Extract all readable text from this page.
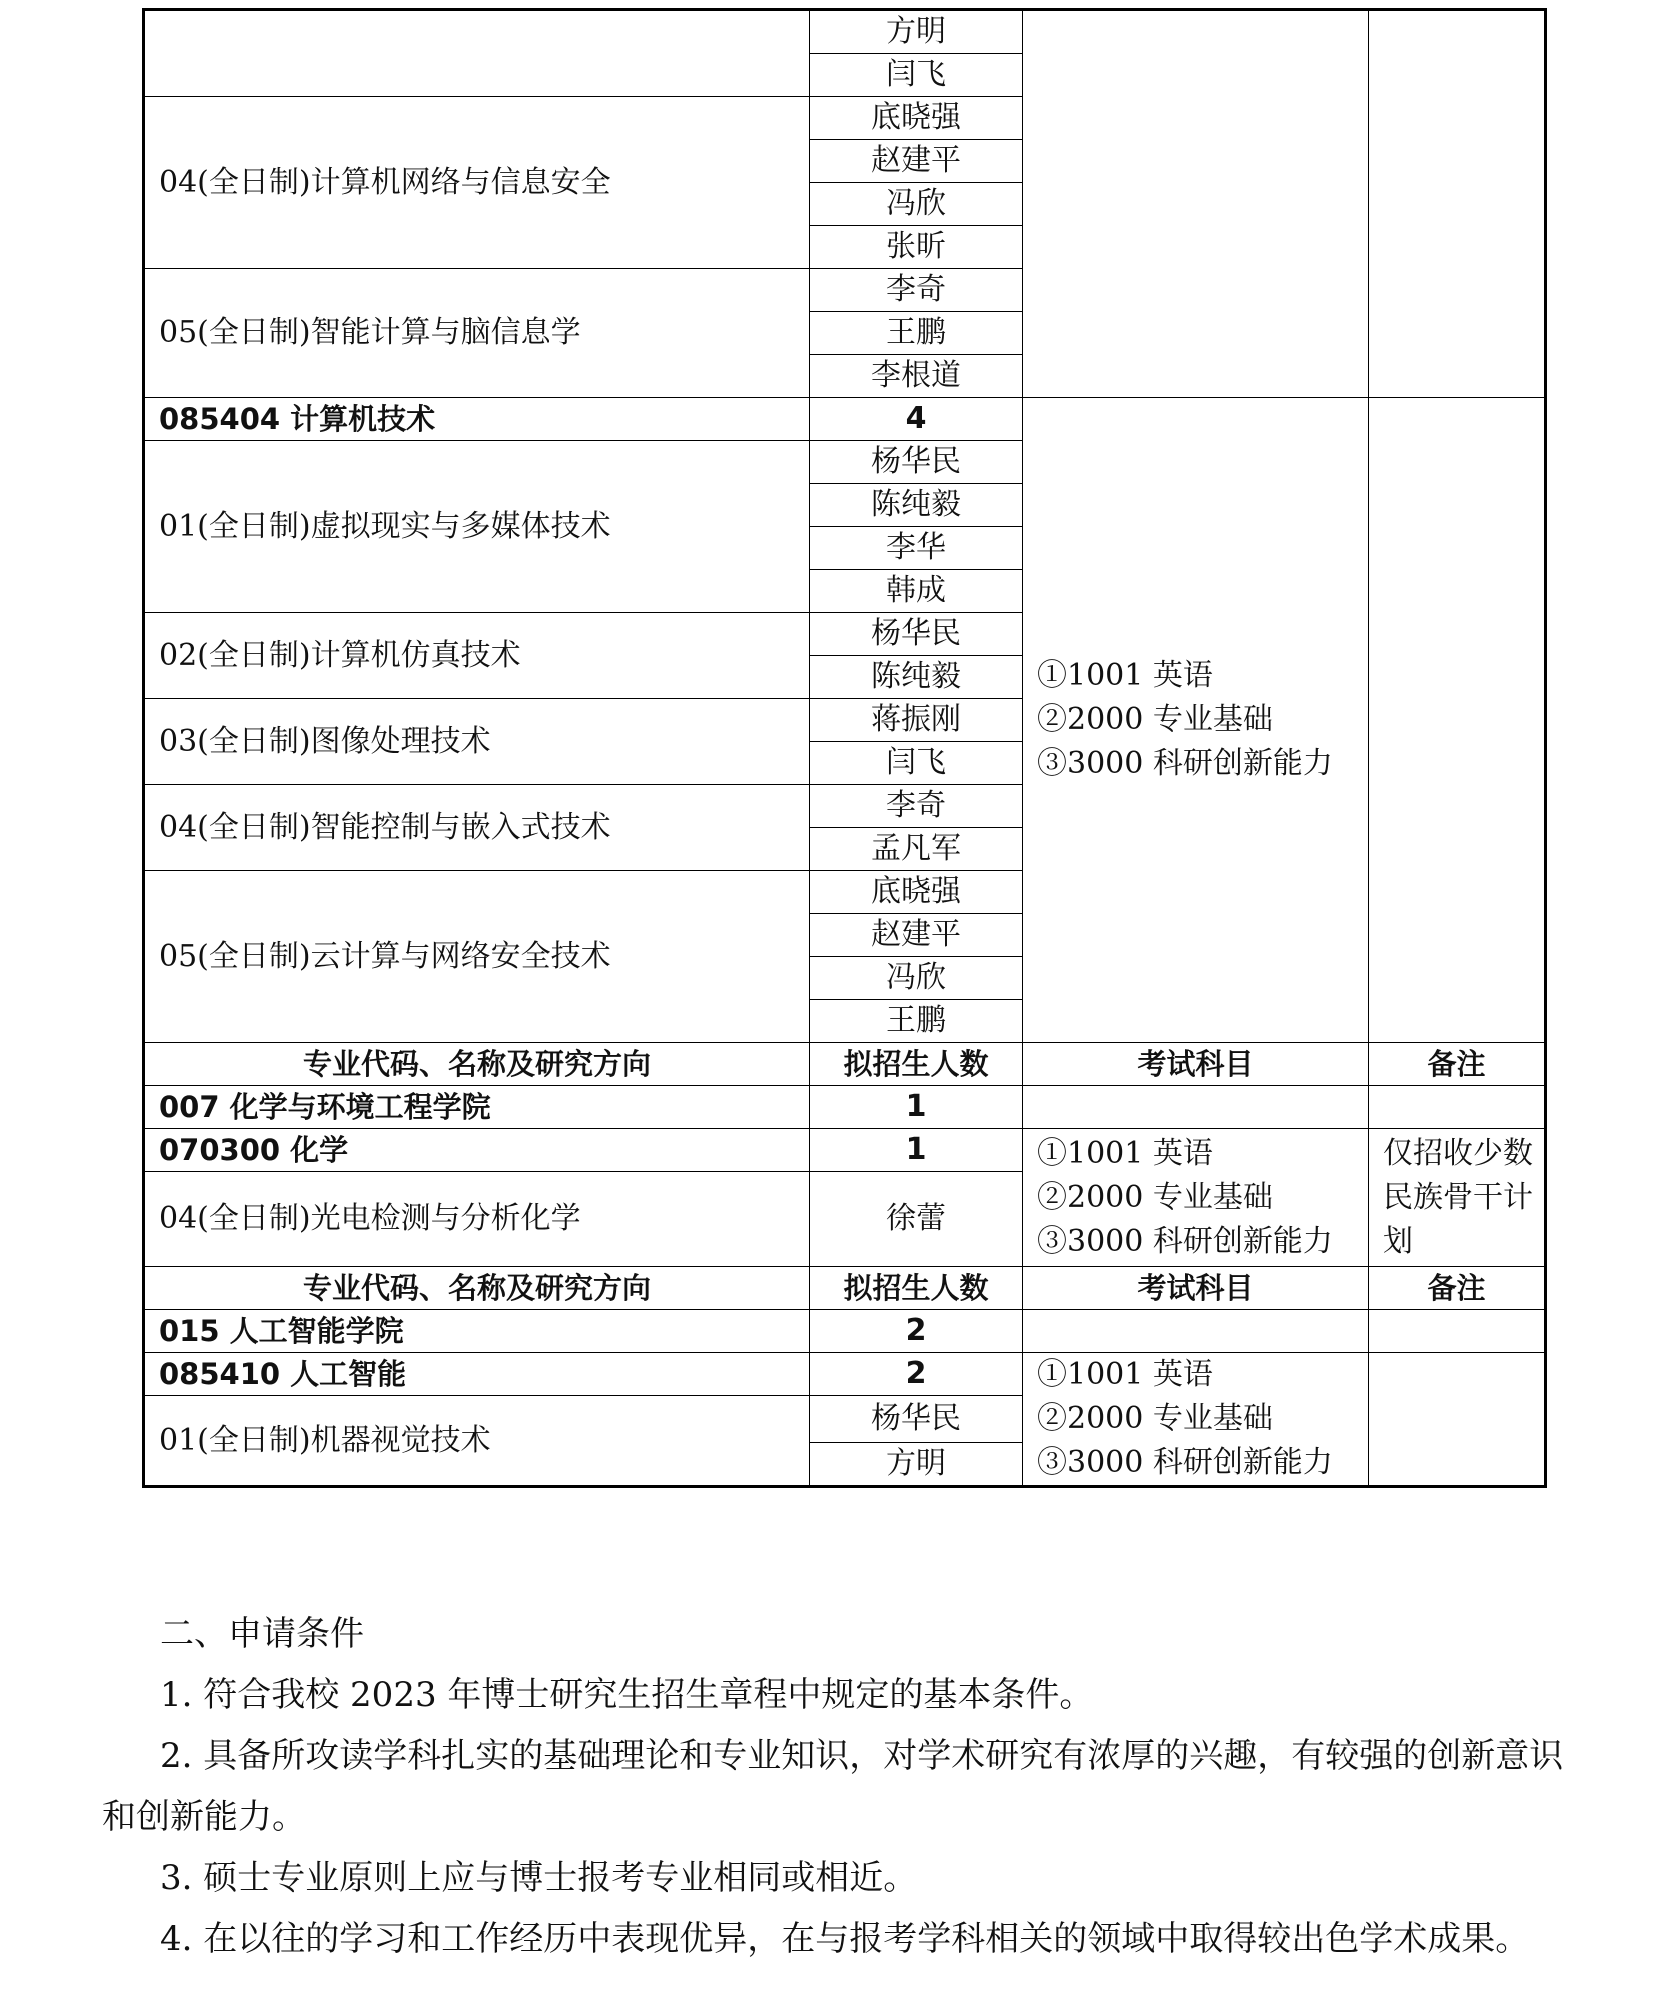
	方明		
	闫飞		
04(全日制)计算机网络与信息安全	底晓强		
	赵建平		
	冯欣		
	张昕		
05(全日制)智能计算与脑信息学	李奇		
	王鹏		
	李根道		
085404 计算机技术	4	①1001 英语
②2000 专业基础
③3000 科研创新能力	

01(全日制)虚拟现实与多媒体技术	杨华民		
	陈纯毅		
	李华		
	韩成		
02(全日制)计算机仿真技术	杨华民		
	陈纯毅		
03(全日制)图像处理技术	蒋振刚		
	闫飞		
04(全日制)智能控制与嵌入式技术	李奇		
	孟凡军		
05(全日制)云计算与网络安全技术	底晓强		
	赵建平		
	冯欣		
	王鹏		
专业代码、名称及研究方向	拟招生人数	考试科目	备注
007 化学与环境工程学院	1		
070300 化学	1	①1001 英语
②2000 专业基础
③3000 科研创新能力	仅招收少数民族骨干计划
04(全日制)光电检测与分析化学	徐蕾		
专业代码、名称及研究方向	拟招生人数	考试科目	备注
015 人工智能学院	2		
085410 人工智能	2	①1001 英语
②2000 专业基础
③3000 科研创新能力	

01(全日制)机器视觉技术	杨华民		
	方明		

二、申请条件

1. 符合我校 2023 年博士研究生招生章程中规定的基本条件。

2. 具备所攻读学科扎实的基础理论和专业知识，对学术研究有浓厚的兴趣，有较强的创新意识和创新能力。

3. 硕士专业原则上应与博士报考专业相同或相近。

4. 在以往的学习和工作经历中表现优异，在与报考学科相关的领域中取得较出色学术成果。
